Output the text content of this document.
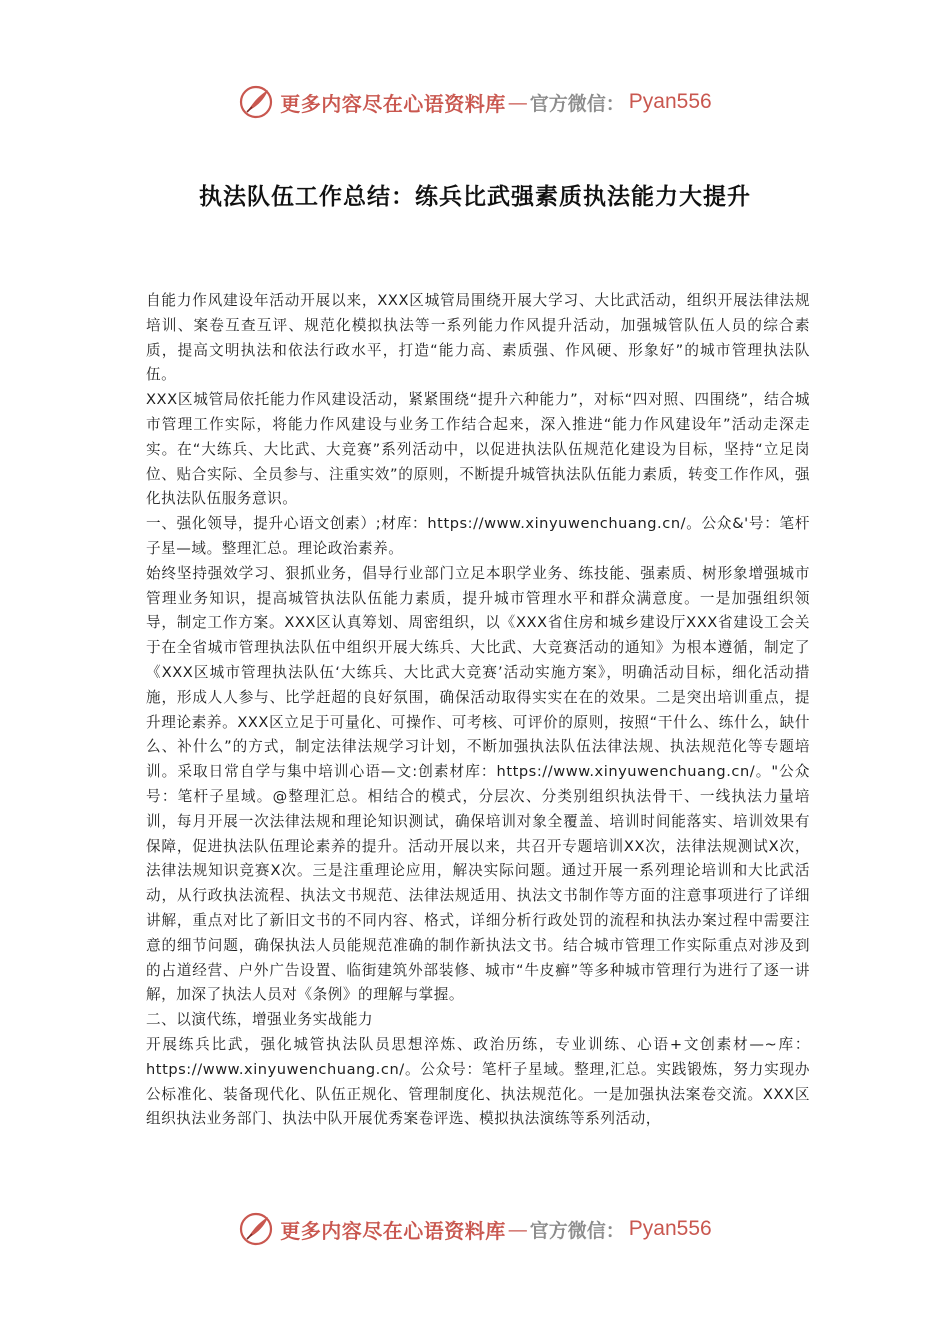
更多内容尽在心语资料库 — 官方微信： Pyan556
执法队伍工作总结：练兵比武强素质执法能力大提升

自能力作风建设年活动开展以来，XXX区城管局围绕开展大学习、大比武活动，组织开展法律法规培训、案卷互查互评、规范化模拟执法等一系列能力作风提升活动，加强城管队伍人员的综合素质，提高文明执法和依法行政水平，打造“能力高、素质强、作风硬、形象好”的城市管理执法队伍。

XXX区城管局依托能力作风建设活动，紧紧围绕“提升六种能力”，对标“四对照、四围绕”，结合城市管理工作实际，将能力作风建设与业务工作结合起来，深入推进“能力作风建设年”活动走深走实。在“大练兵、大比武、大竞赛”系列活动中，以促进执法队伍规范化建设为目标，坚持“立足岗位、贴合实际、全员参与、注重实效”的原则，不断提升城管执法队伍能力素质，转变工作作风，强化执法队伍服务意识。

一、强化领导，提升心语文创素）;材库：https://www.xinyuwenchuang.cn/。公众&'号：笔杆子星—域。整理汇总。理论政治素养。

始终坚持强效学习、狠抓业务，倡导行业部门立足本职学业务、练技能、强素质、树形象增强城市管理业务知识，提高城管执法队伍能力素质，提升城市管理水平和群众满意度。一是加强组织领导，制定工作方案。XXX区认真筹划、周密组织，以《XXX省住房和城乡建设厅XXX省建设工会关于在全省城市管理执法队伍中组织开展大练兵、大比武、大竞赛活动的通知》为根本遵循，制定了《XXX区城市管理执法队伍‘大练兵、大比武大竞赛’活动实施方案》，明确活动目标，细化活动措施，形成人人参与、比学赶超的良好氛围，确保活动取得实实在在的效果。二是突出培训重点，提升理论素养。XXX区立足于可量化、可操作、可考核、可评价的原则，按照“干什么、练什么，缺什么、补什么”的方式，制定法律法规学习计划，不断加强执法队伍法律法规、执法规范化等专题培训。采取日常自学与集中培训心语—文:创素材库：https://www.xinyuwenchuang.cn/。"公众号：笔杆子星域。@整理汇总。相结合的模式，分层次、分类别组织执法骨干、一线执法力量培训，每月开展一次法律法规和理论知识测试，确保培训对象全覆盖、培训时间能落实、培训效果有保障，促进执法队伍理论素养的提升。活动开展以来，共召开专题培训XX次，法律法规测试X次，法律法规知识竞赛X次。三是注重理论应用，解决实际问题。通过开展一系列理论培训和大比武活动，从行政执法流程、执法文书规范、法律法规适用、执法文书制作等方面的注意事项进行了详细讲解，重点对比了新旧文书的不同内容、格式，详细分析行政处罚的流程和执法办案过程中需要注意的细节问题，确保执法人员能规范准确的制作新执法文书。结合城市管理工作实际重点对涉及到的占道经营、户外广告设置、临街建筑外部装修、城市“牛皮癣”等多种城市管理行为进行了逐一讲解，加深了执法人员对《条例》的理解与掌握。

二、以演代练，增强业务实战能力

开展练兵比武，强化城管执法队员思想淬炼、政治历练，专业训练、心语+文创素材—~库：https://www.xinyuwenchuang.cn/。公众号：笔杆子星域。整理,汇总。实践锻炼，努力实现办公标准化、装备现代化、队伍正规化、管理制度化、执法规范化。一是加强执法案卷交流。XXX区组织执法业务部门、执法中队开展优秀案卷评选、模拟执法演练等系列活动，

更多内容尽在心语资料库 — 官方微信： Pyan556
